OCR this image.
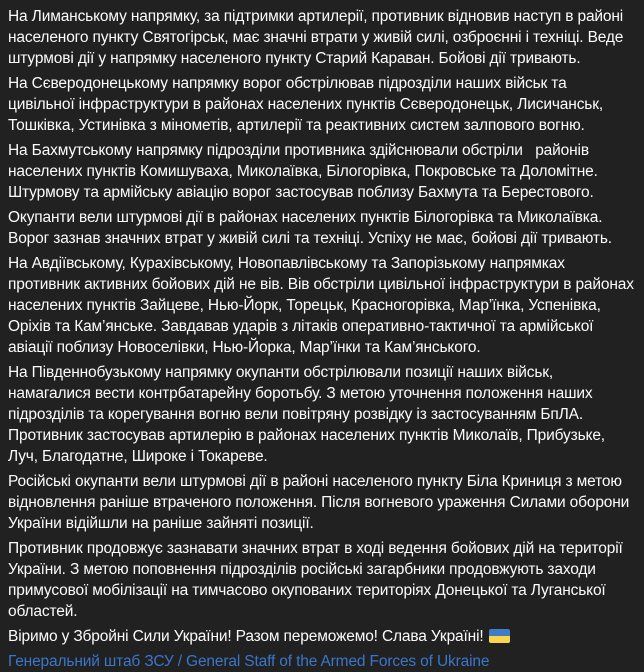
На Лиманському напрямку, за підтримки артилерії, противник відновив наступ в районі населеного пункту Святогірськ, має значні втрати у живій силі, озброєнні і техніці. Веде штурмові дії у напрямку населеного пункту Старий Караван. Бойові дії тривають.

На Сєверодонецькому напрямку ворог обстрілював підрозділи наших військ та цивільної інфраструктури в районах населених пунктів Сєверодонецьк, Лисичанськ, Тошківка, Устинівка з мінометів, артилерії та реактивних систем залпового вогню.

На Бахмутському напрямку підрозділи противника здійснювали обстріли   районів населених пунктів Комишуваха, Миколаївка, Білогорівка, Покровське та Доломітне. Штурмову та армійську авіацію ворог застосував поблизу Бахмута та Берестового.

Окупанти вели штурмові дії в районах населених пунктів Білогорівка та Миколаївка. Ворог зазнав значних втрат у живій силі та техніці. Успіху не має, бойові дії тривають.

На Авдіївському, Курахівському, Новопавлівському та Запорізькому напрямках противник активних бойових дій не вів. Вів обстріли цивільної інфраструктури в районах населених пунктів Зайцеве, Нью-Йорк, Торецьк, Красногорівка, Мар’їнка, Успенівка, Оріхів та Кам’янське. Завдавав ударів з літаків оперативно-тактичної та армійської авіації поблизу Новоселівки, Нью-Йорка, Мар’їнки та Кам’янського.

На Південнобузькому напрямку окупанти обстрілювали позиції наших військ, намагалися вести контрбатарейну боротьбу. З метою уточнення положення наших підрозділів та корегування вогню вели повітряну розвідку із застосуванням БпЛА. Противник застосував артилерію в районах населених пунктів Миколаїв, Прибузьке, Луч, Благодатне, Широке і Токареве.

Російські окупанти вели штурмові дії в районі населеного пункту Біла Криниця з метою відновлення раніше втраченого положення. Після вогневого ураження Силами оборони України відійшли на раніше зайняті позиції.

Противник продовжує зазнавати значних втрат в ході ведення бойових дій на території України. З метою поповнення підрозділів російські загарбники продовжують заходи примусової мобілізації на тимчасово окупованих територіях Донецької та Луганської областей.

Віримо у Збройні Сили України! Разом переможемо! Слава Україні!

Генеральний штаб ЗСУ / General Staff of the Armed Forces of Ukraine
